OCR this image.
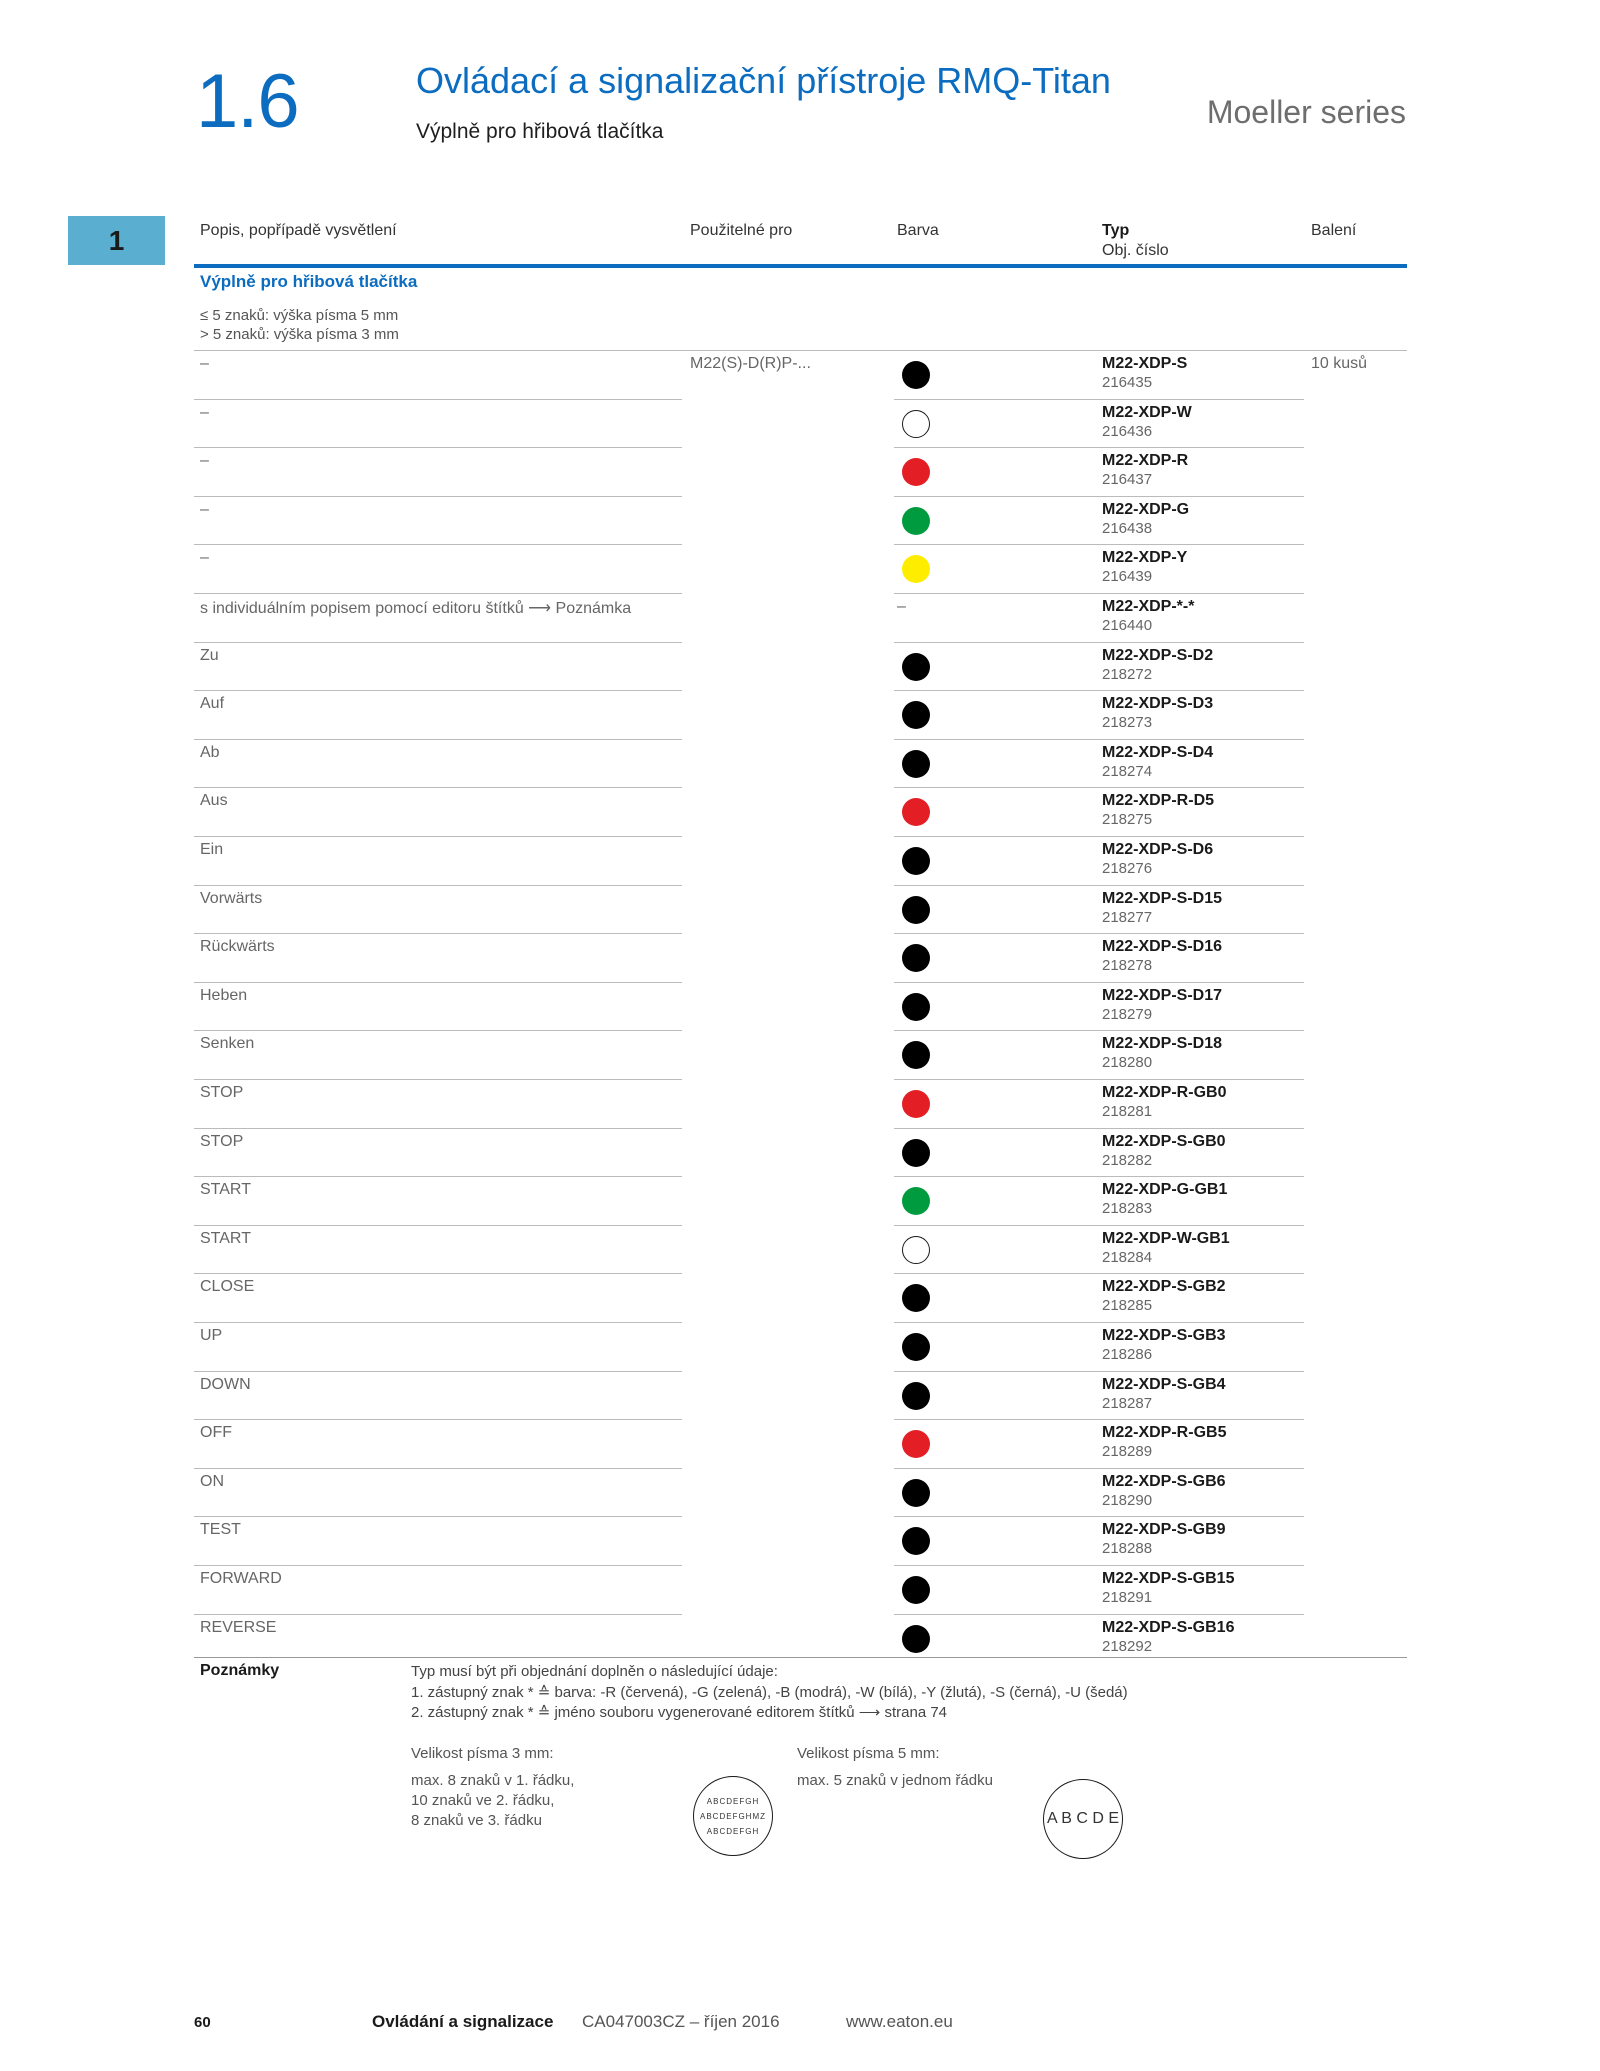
1.6	Ovládací a signalizační přístroje RMQ-Titan
Výplně pro hřibová tlačítka
Moeller series
1	Popis, popřípadě vysvětlení	Použitelné pro	Barva	Typ
Obj. číslo
Balení
Výplně pro hřibová tlačítka
≤ 5 znaků: výška písma 5 mm
> 5 znaků: výška písma 3 mm
–	M22(S)-D(R)P-...	M22-XDP-S
216435
10 kusů
–	M22-XDP-W
216436
–	M22-XDP-R
216437
–	M22-XDP-G
216438
–	M22-XDP-Y
216439
s individuálním popisem pomocí editoru štítků ⟶ Poznámka	–	M22-XDP-*-*
216440
Zu	M22-XDP-S-D2
218272
Auf	M22-XDP-S-D3
218273
Ab	M22-XDP-S-D4
218274
Aus	M22-XDP-R-D5
218275
Ein	M22-XDP-S-D6
218276
Vorwärts	M22-XDP-S-D15
218277
Rückwärts	M22-XDP-S-D16
218278
Heben	M22-XDP-S-D17
218279
Senken	M22-XDP-S-D18
218280
STOP	M22-XDP-R-GB0
218281
STOP	M22-XDP-S-GB0
218282
START	M22-XDP-G-GB1
218283
START	M22-XDP-W-GB1
218284
CLOSE	M22-XDP-S-GB2
218285
UP	M22-XDP-S-GB3
218286
DOWN	M22-XDP-S-GB4
218287
OFF	M22-XDP-R-GB5
218289
ON	M22-XDP-S-GB6
218290
TEST	M22-XDP-S-GB9
218288
FORWARD	M22-XDP-S-GB15
218291
REVERSE	M22-XDP-S-GB16
218292
Poznámky	Typ musí být při objednání doplněn o následující údaje:
1. zástupný znak * ≙ barva: -R (červená), -G (zelená), -B (modrá), -W (bílá), -Y (žlutá), -S (černá), -U (šedá)
2. zástupný znak * ≙ jméno souboru vygenerované editorem štítků ⟶ strana 74
Velikost písma 3 mm:
max. 8 znaků v 1. řádku,
10 znaků ve 2. řádku,
8 znaků ve 3. řádku
ABCDEFGH
ABCDEFGHMZ
ABCDEFGH
Velikost písma 5 mm:
max. 5 znaků v jednom řádku
A B C D E
60	Ovládání a signalizace CA047003CZ – říjen 2016	www.eaton.eu
